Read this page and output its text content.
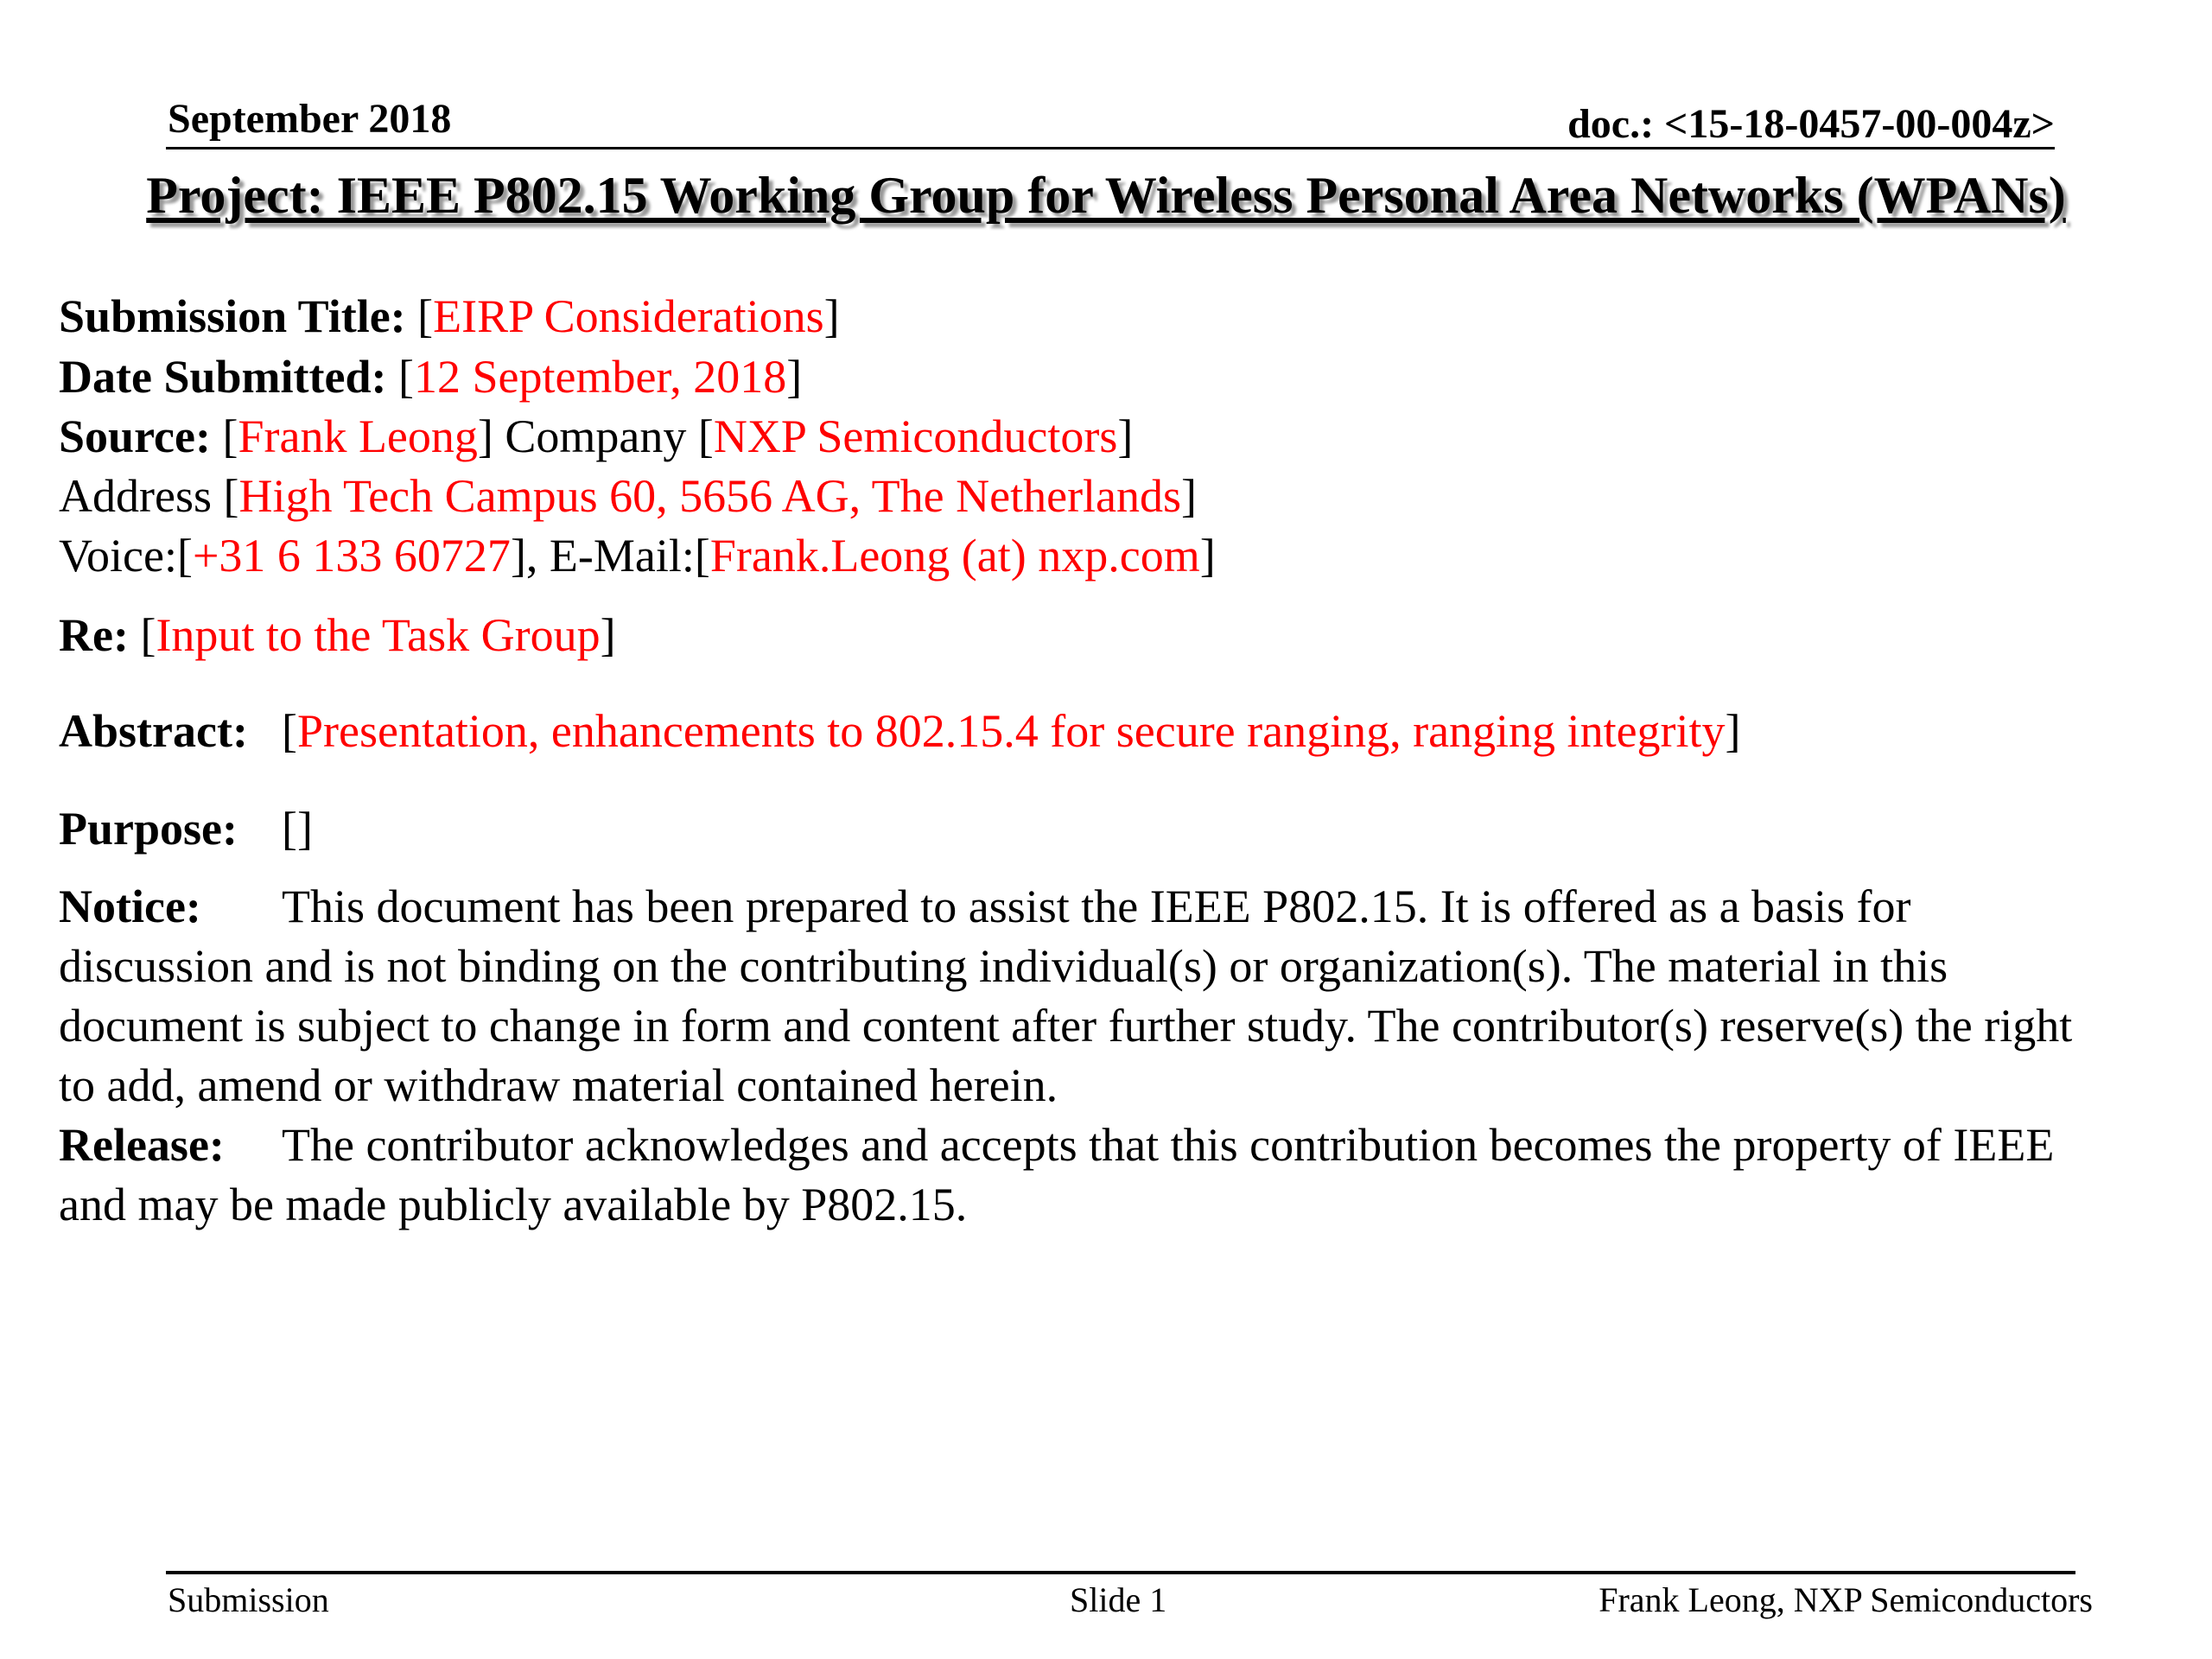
September 2018	doc.: <15-18-0457-00-004z>
Project: IEEE P802.15 Working Group for Wireless Personal Area Networks (WPANs)
Submission Title: [EIRP Considerations]
Date Submitted: [12 September, 2018]
Source: [Frank Leong] Company [NXP Semiconductors]
Address [High Tech Campus 60, 5656 AG, The Netherlands]
Voice:[+31 6 133 60727], E-Mail:[Frank.Leong (at) nxp.com]
Re: [Input to the Task Group]
Abstract: [Presentation, enhancements to 802.15.4 for secure ranging, ranging integrity]
Purpose: []
Notice: This document has been prepared to assist the IEEE P802.15. It is offered as a basis for
discussion and is not binding on the contributing individual(s) or organization(s). The material in this
document is subject to change in form and content after further study. The contributor(s) reserve(s) the right
to add, amend or withdraw material contained herein.
Release: The contributor acknowledges and accepts that this contribution becomes the property of IEEE
and may be made publicly available by P802.15.
Submission	Slide 1	Frank Leong, NXP Semiconductors
